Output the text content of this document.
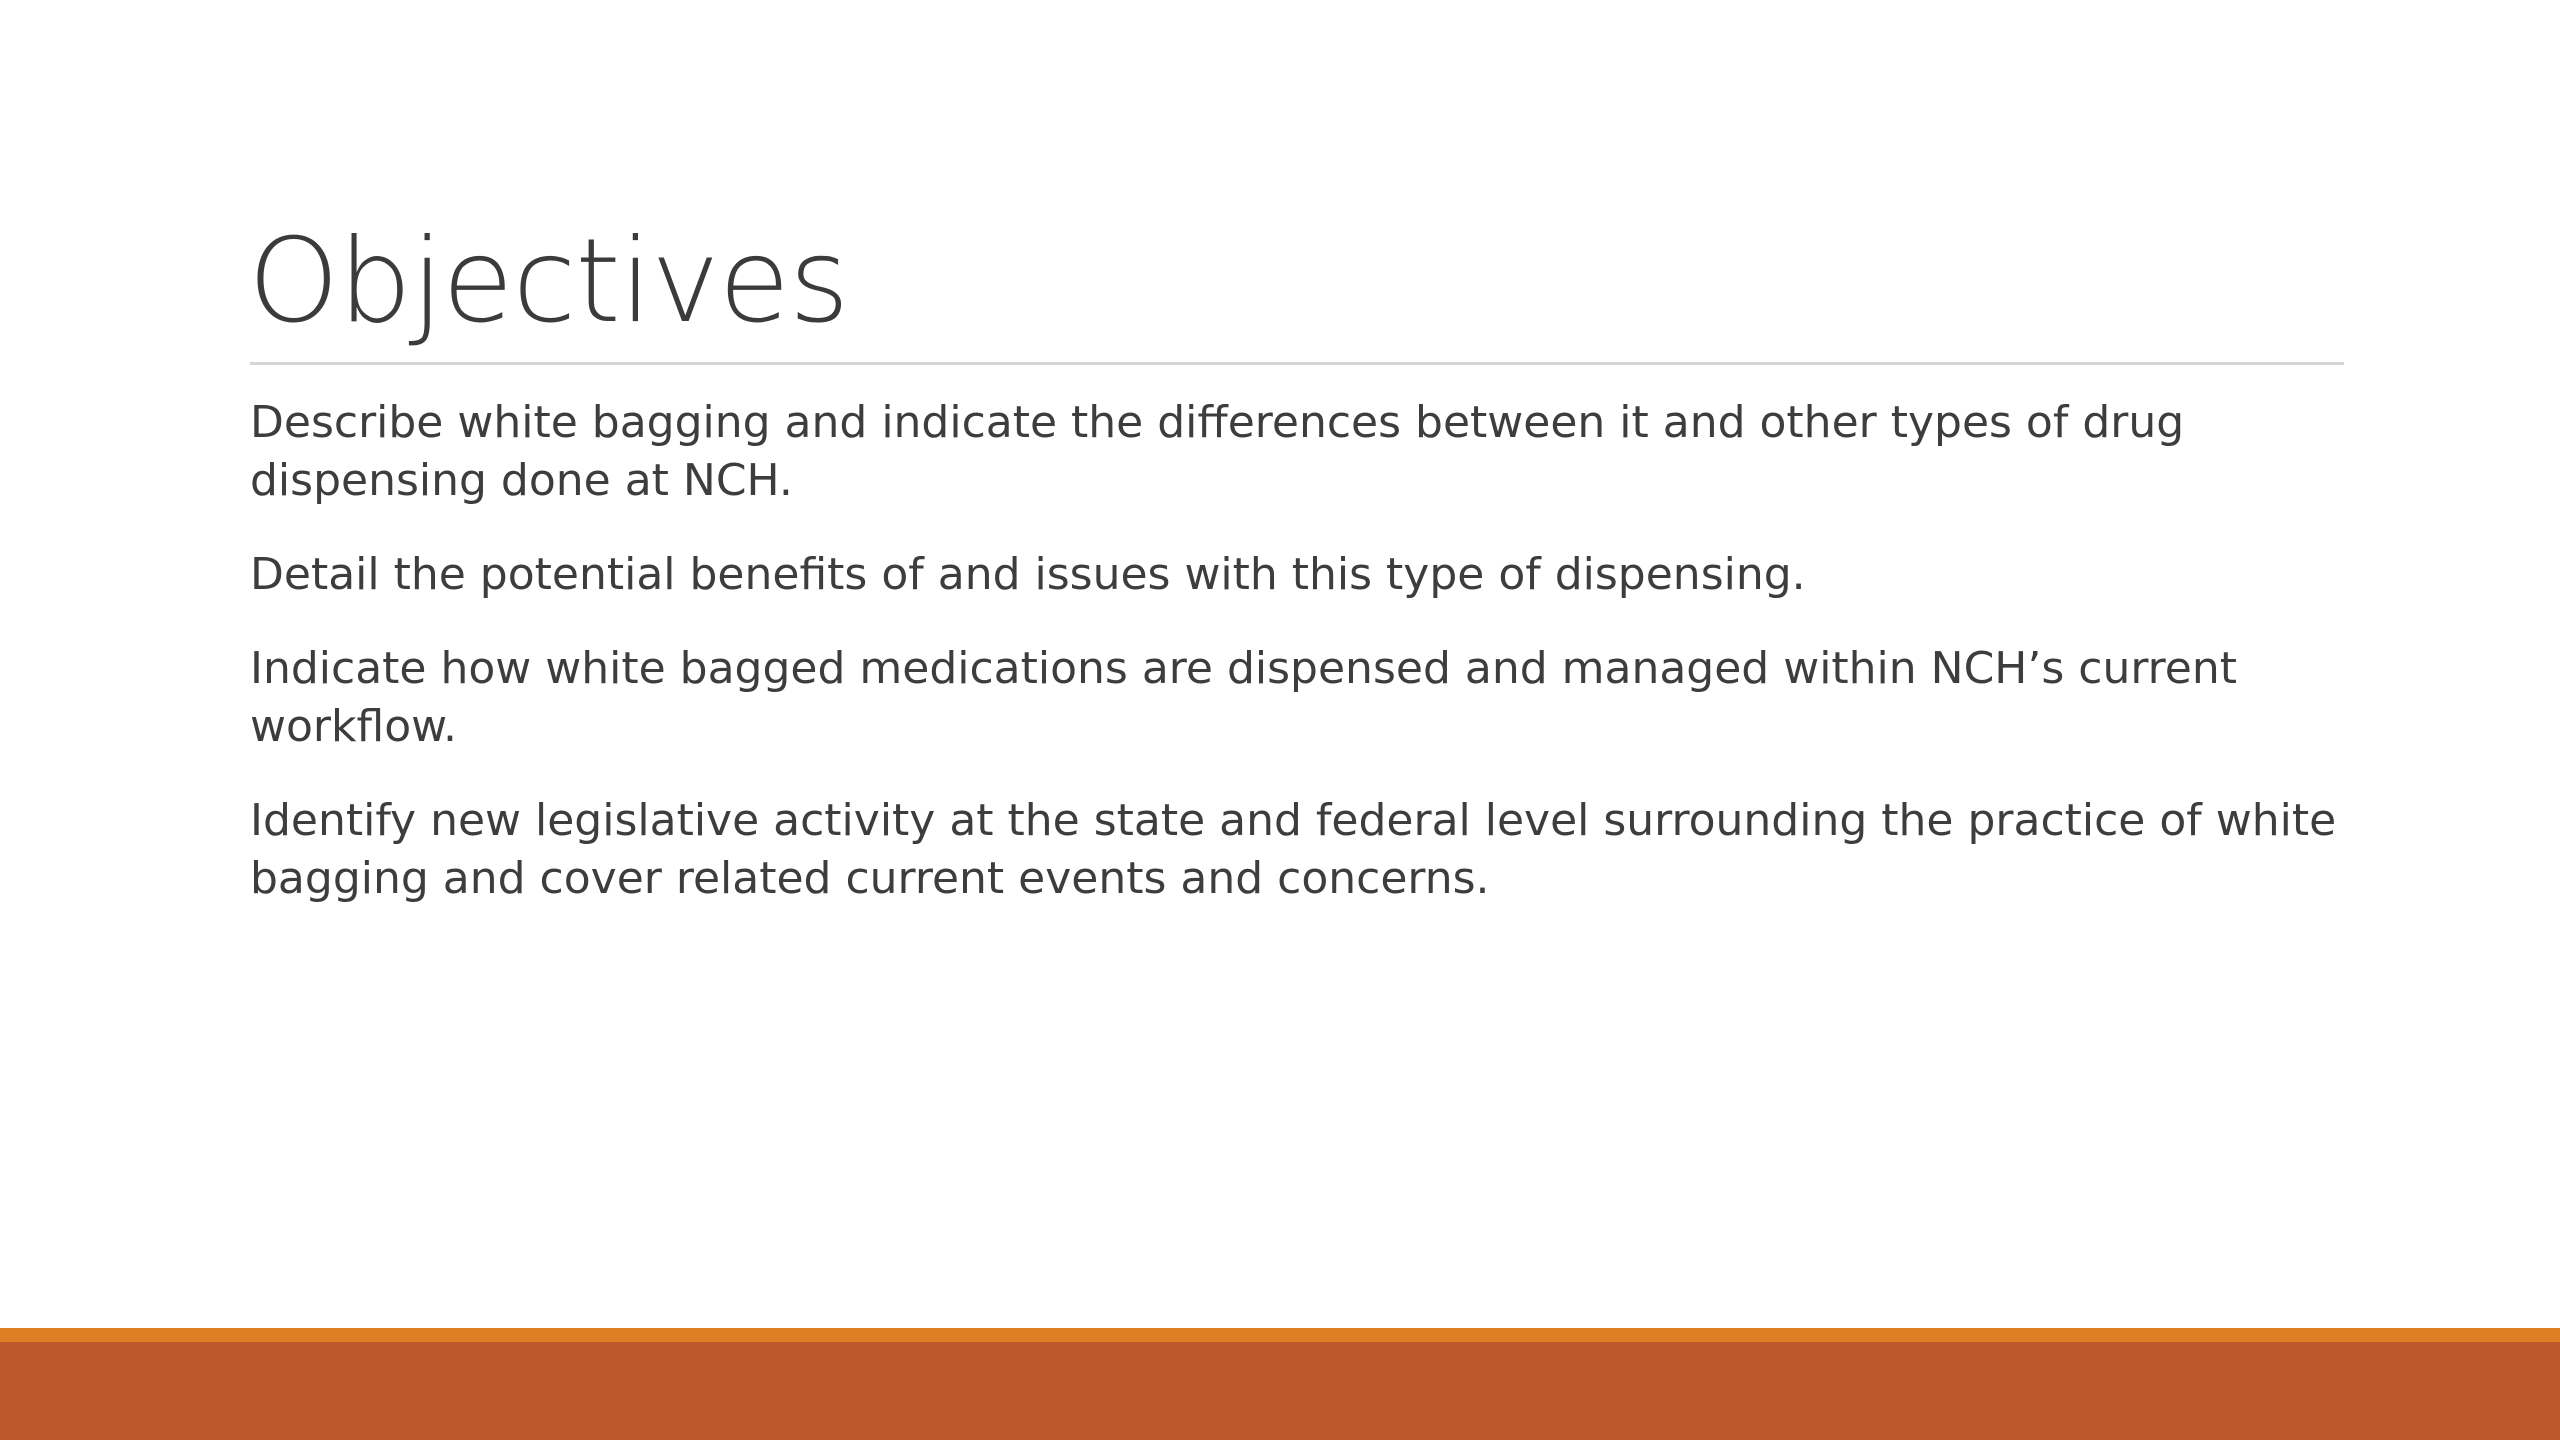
Objectives
Describe white bagging and indicate the differences between it and other types of drug dispensing done at NCH.
Detail the potential benefits of and issues with this type of dispensing.
Indicate how white bagged medications are dispensed and managed within NCH’s current workflow.
Identify new legislative activity at the state and federal level surrounding the practice of white bagging and cover related current events and concerns.
